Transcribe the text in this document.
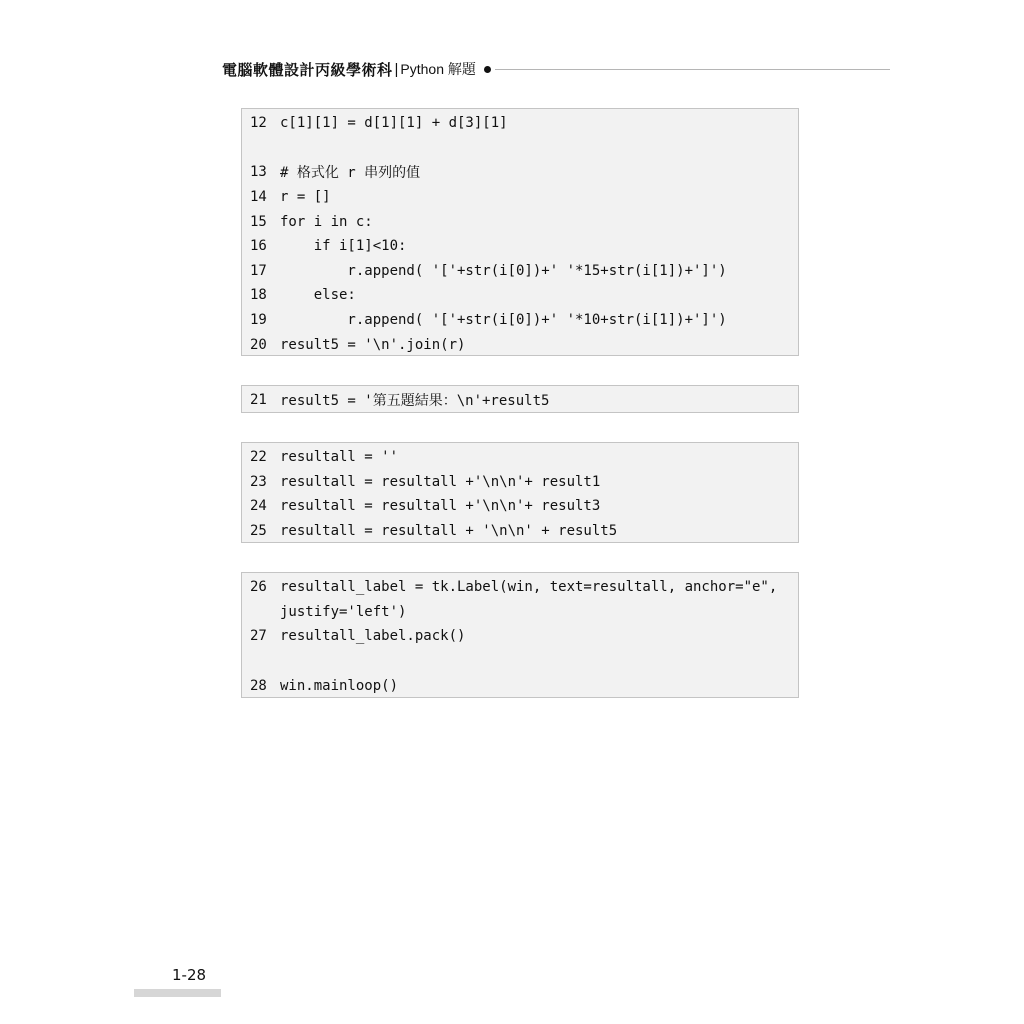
電腦軟體設計丙級學術科 | Python 解題
12 c[1][1] = d[1][1] + d[3][1]
13 # 格式化 r 串列的值
14 r = []
15 for i in c:
16 if i[1]<10:
17 r.append( '['+str(i[0])+' '*15+str(i[1])+']')
18 else:
19 r.append( '['+str(i[0])+' '*10+str(i[1])+']')
20 result5 = '\n'.join(r)
21 result5 = '第五題結果：\n'+result5
22 resultall = ''
23 resultall = resultall +'\n\n'+ result1
24 resultall = resultall +'\n\n'+ result3
25 resultall = resultall + '\n\n' + result5
26 resultall_label = tk.Label(win, text=resultall, anchor="e",
justify='left')
27 resultall_label.pack()
28 win.mainloop()
1-28
